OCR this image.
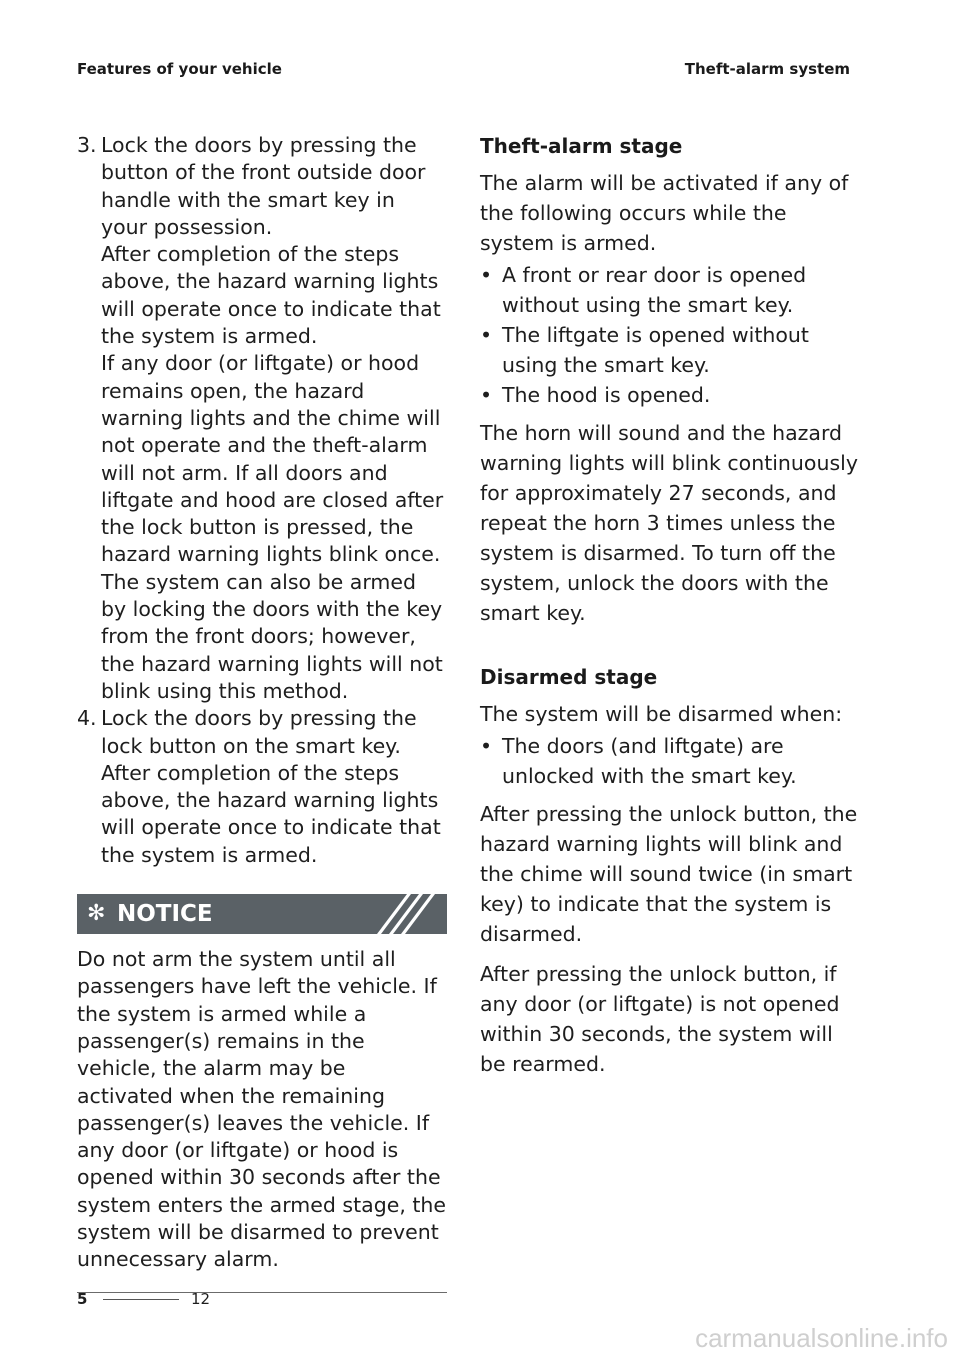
Features of your vehicle	Theft-alarm system
3. Lock the doors by pressing the button of the front outside door handle with the smart key in your possession.

After completion of the steps above, the hazard warning lights will operate once to indicate that the system is armed.

If any door (or liftgate) or hood remains open, the hazard warning lights and the chime will not operate and the theft-alarm will not arm. If all doors and liftgate and hood are closed after the lock button is pressed, the hazard warning lights blink once.

The system can also be armed by locking the doors with the key from the front doors; however, the hazard warning lights will not blink using this method.

4. Lock the doors by pressing the lock button on the smart key.

After completion of the steps above, the hazard warning lights will operate once to indicate that the system is armed.

✻ NOTICE

Do not arm the system until all passengers have left the vehicle. If the system is armed while a passenger(s) remains in the vehicle, the alarm may be activated when the remaining passenger(s) leaves the vehicle. If any door (or liftgate) or hood is opened within 30 seconds after the system enters the armed stage, the system will be disarmed to prevent unnecessary alarm.

Theft-alarm stage

The alarm will be activated if any of the following occurs while the system is armed.

• A front or rear door is opened without using the smart key.
• The liftgate is opened without using the smart key.
• The hood is opened.

The horn will sound and the hazard warning lights will blink continuously for approximately 27 seconds, and repeat the horn 3 times unless the system is disarmed. To turn off the system, unlock the doors with the smart key.

Disarmed stage

The system will be disarmed when:

• The doors (and liftgate) are unlocked with the smart key.

After pressing the unlock button, the hazard warning lights will blink and the chime will sound twice (in smart key) to indicate that the system is disarmed.

After pressing the unlock button, if any door (or liftgate) is not opened within 30 seconds, the system will be rearmed.

5	12
carmanualsonline.info
